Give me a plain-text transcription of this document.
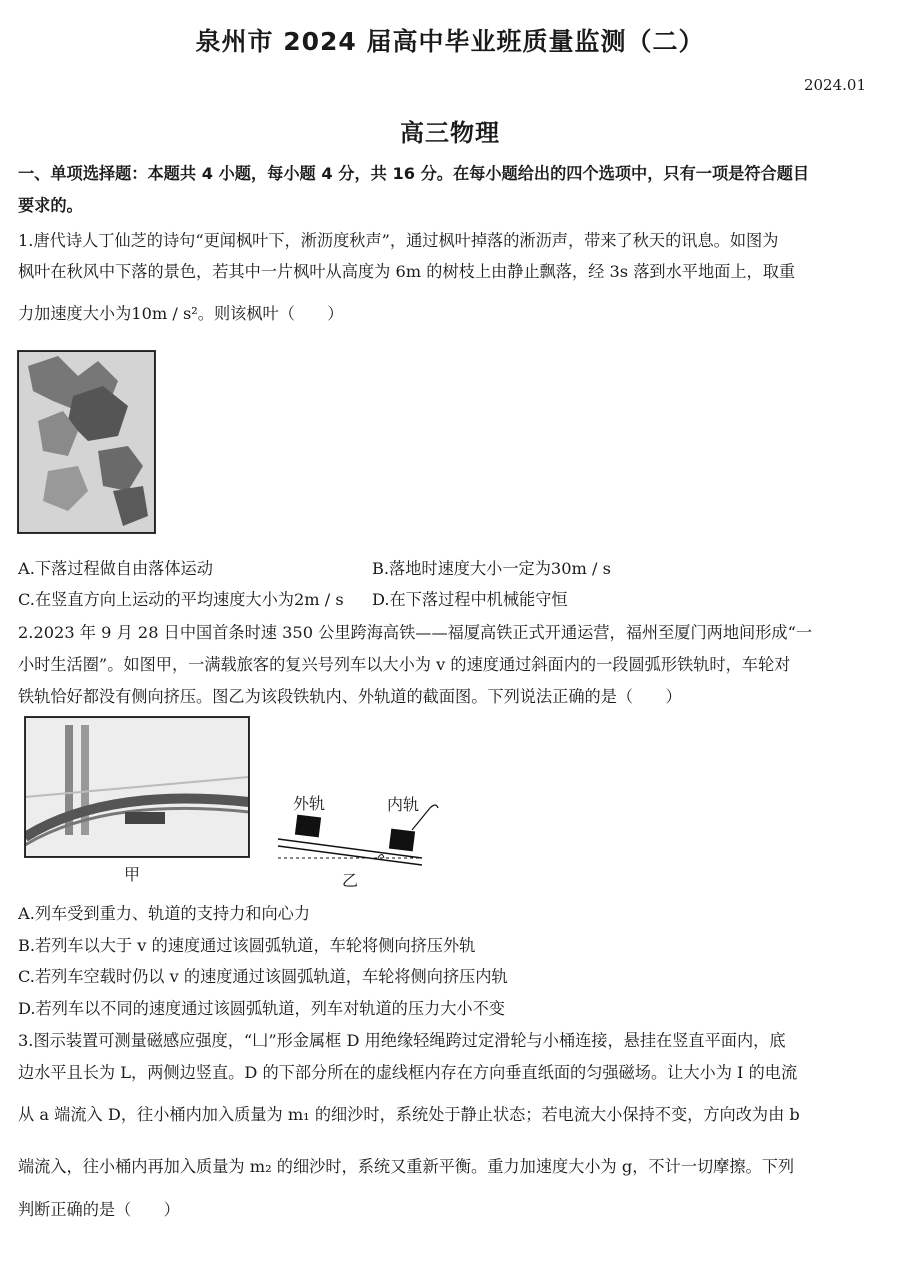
泉州市 2024 届高中毕业班质量监测（二）
2024.01
高三物理
一、单项选择题：本题共 4 小题，每小题 4 分，共 16 分。在每小题给出的四个选项中，只有一项是符合题目
要求的。
1.唐代诗人丁仙芝的诗句“更闻枫叶下，淅沥度秋声”，通过枫叶掉落的淅沥声，带来了秋天的讯息。如图为
枫叶在秋风中下落的景色，若其中一片枫叶从高度为 6m 的树枝上由静止飘落，经 3s 落到水平地面上，取重
力加速度大小为10m / s²。则该枫叶（　　）
A.下落过程做自由落体运动	B.落地时速度大小一定为30m / s
C.在竖直方向上运动的平均速度大小为2m / s D.在下落过程中机械能守恒
2.2023 年 9 月 28 日中国首条时速 350 公里跨海高铁——福厦高铁正式开通运营，福州至厦门两地间形成“一
小时生活圈”。如图甲，一满载旅客的复兴号列车以大小为 v 的速度通过斜面内的一段圆弧形铁轨时，车轮对
铁轨恰好都没有侧向挤压。图乙为该段铁轨内、外轨道的截面图。下列说法正确的是（　　）
甲
外轨	内轨
乙
A.列车受到重力、轨道的支持力和向心力
B.若列车以大于 v 的速度通过该圆弧轨道，车轮将侧向挤压外轨
C.若列车空载时仍以 v 的速度通过该圆弧轨道，车轮将侧向挤压内轨
D.若列车以不同的速度通过该圆弧轨道，列车对轨道的压力大小不变
3.图示装置可测量磁感应强度，“凵”形金属框 D 用绝缘轻绳跨过定滑轮与小桶连接，悬挂在竖直平面内，底
边水平且长为 L，两侧边竖直。D 的下部分所在的虚线框内存在方向垂直纸面的匀强磁场。让大小为 I 的电流
从 a 端流入 D，往小桶内加入质量为 m₁ 的细沙时，系统处于静止状态；若电流大小保持不变，方向改为由 b
端流入，往小桶内再加入质量为 m₂ 的细沙时，系统又重新平衡。重力加速度大小为 g，不计一切摩擦。下列
判断正确的是（　　）
